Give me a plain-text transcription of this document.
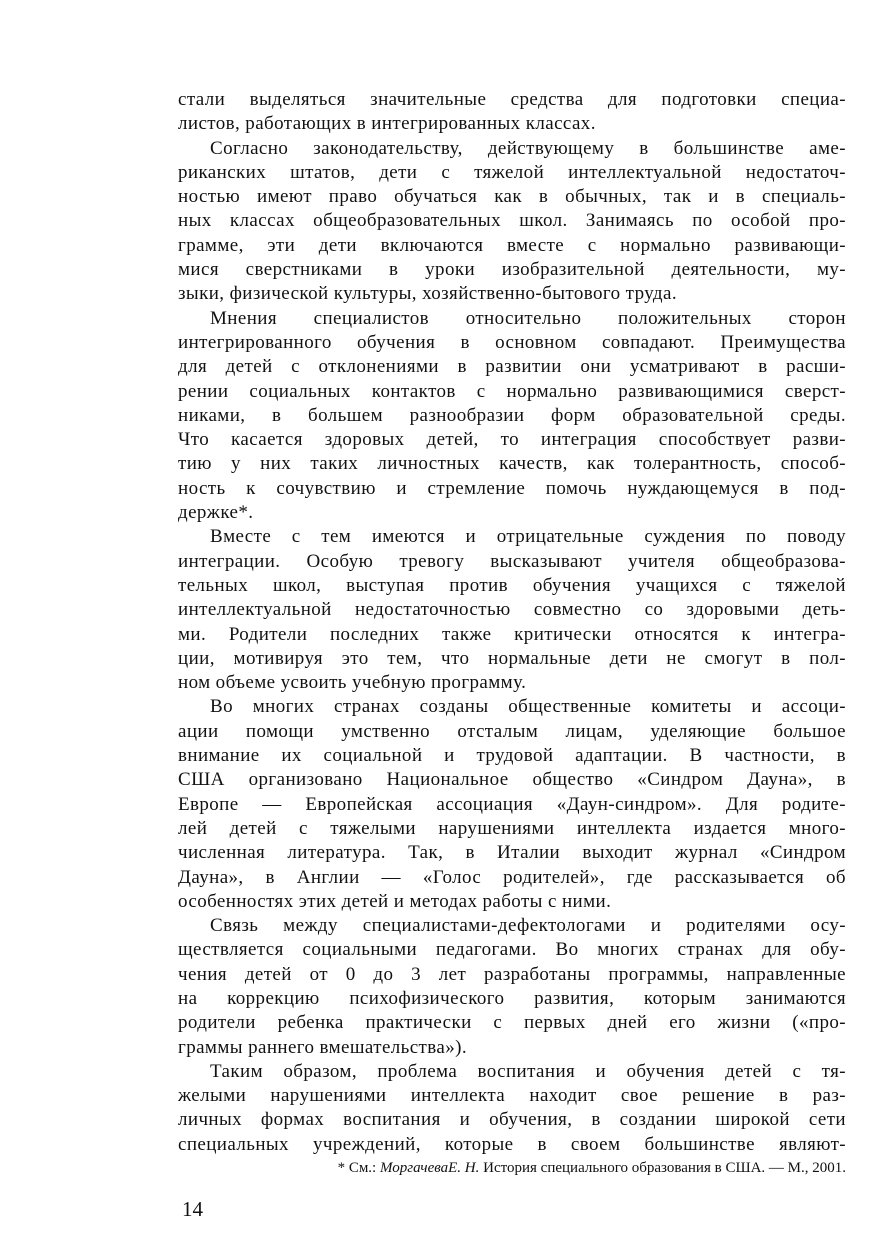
стали выделяться значительные средства для подготовки специа-
листов, работающих в интегрированных классах.
Согласно законодательству, действующему в большинстве аме-
риканских штатов, дети с тяжелой интеллектуальной недостаточ-
ностью имеют право обучаться как в обычных, так и в специаль-
ных классах общеобразовательных школ. Занимаясь по особой про-
грамме, эти дети включаются вместе с нормально развивающи-
мися сверстниками в уроки изобразительной деятельности, му-
зыки, физической культуры, хозяйственно-бытового труда.
Мнения специалистов относительно положительных сторон
интегрированного обучения в основном совпадают. Преимущества
для детей с отклонениями в развитии они усматривают в расши-
рении социальных контактов с нормально развивающимися сверст-
никами, в большем разнообразии форм образовательной среды.
Что касается здоровых детей, то интеграция способствует разви-
тию у них таких личностных качеств, как толерантность, способ-
ность к сочувствию и стремление помочь нуждающемуся в под-
держке*.
Вместе с тем имеются и отрицательные суждения по поводу
интеграции. Особую тревогу высказывают учителя общеобразова-
тельных школ, выступая против обучения учащихся с тяжелой
интеллектуальной недостаточностью совместно со здоровыми деть-
ми. Родители последних также критически относятся к интегра-
ции, мотивируя это тем, что нормальные дети не смогут в пол-
ном объеме усвоить учебную программу.
Во многих странах созданы общественные комитеты и ассоци-
ации помощи умственно отсталым лицам, уделяющие большое
внимание их социальной и трудовой адаптации. В частности, в
США организовано Национальное общество «Синдром Дауна», в
Европе — Европейская ассоциация «Даун-синдром». Для родите-
лей детей с тяжелыми нарушениями интеллекта издается много-
численная литература. Так, в Италии выходит журнал «Синдром
Дауна», в Англии — «Голос родителей», где рассказывается об
особенностях этих детей и методах работы с ними.
Связь между специалистами-дефектологами и родителями осу-
ществляется социальными педагогами. Во многих странах для обу-
чения детей от 0 до 3 лет разработаны программы, направленные
на коррекцию психофизического развития, которым занимаются
родители ребенка практически с первых дней его жизни («про-
граммы раннего вмешательства»).
Таким образом, проблема воспитания и обучения детей с тя-
желыми нарушениями интеллекта находит свое решение в раз-
личных формах воспитания и обучения, в создании широкой сети
специальных учреждений, которые в своем большинстве являют-
* См.: МоргачеваЕ. Н. История специального образования в США. — М., 2001.
14
